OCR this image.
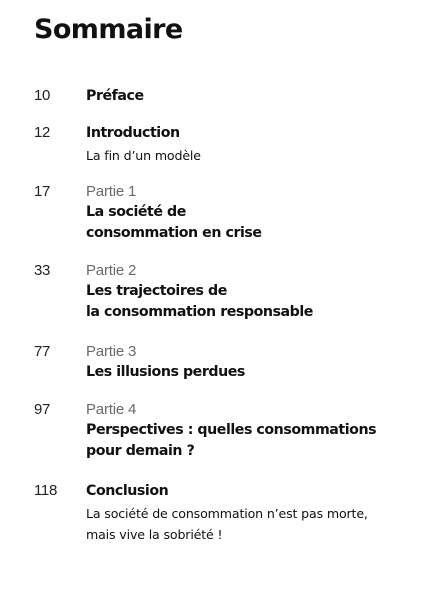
Sommaire
10	Préface
12	Introduction
La fin d’un modèle
17 Partie 1
La société de
consommation en crise
33 Partie 2
Les trajectoires de
la consommation responsable
77 Partie 3
Les illusions perdues
97 Partie 4
Perspectives : quelles consommations
pour demain ?
118 Conclusion
La société de consommation n’est pas morte,
mais vive la sobriété !
